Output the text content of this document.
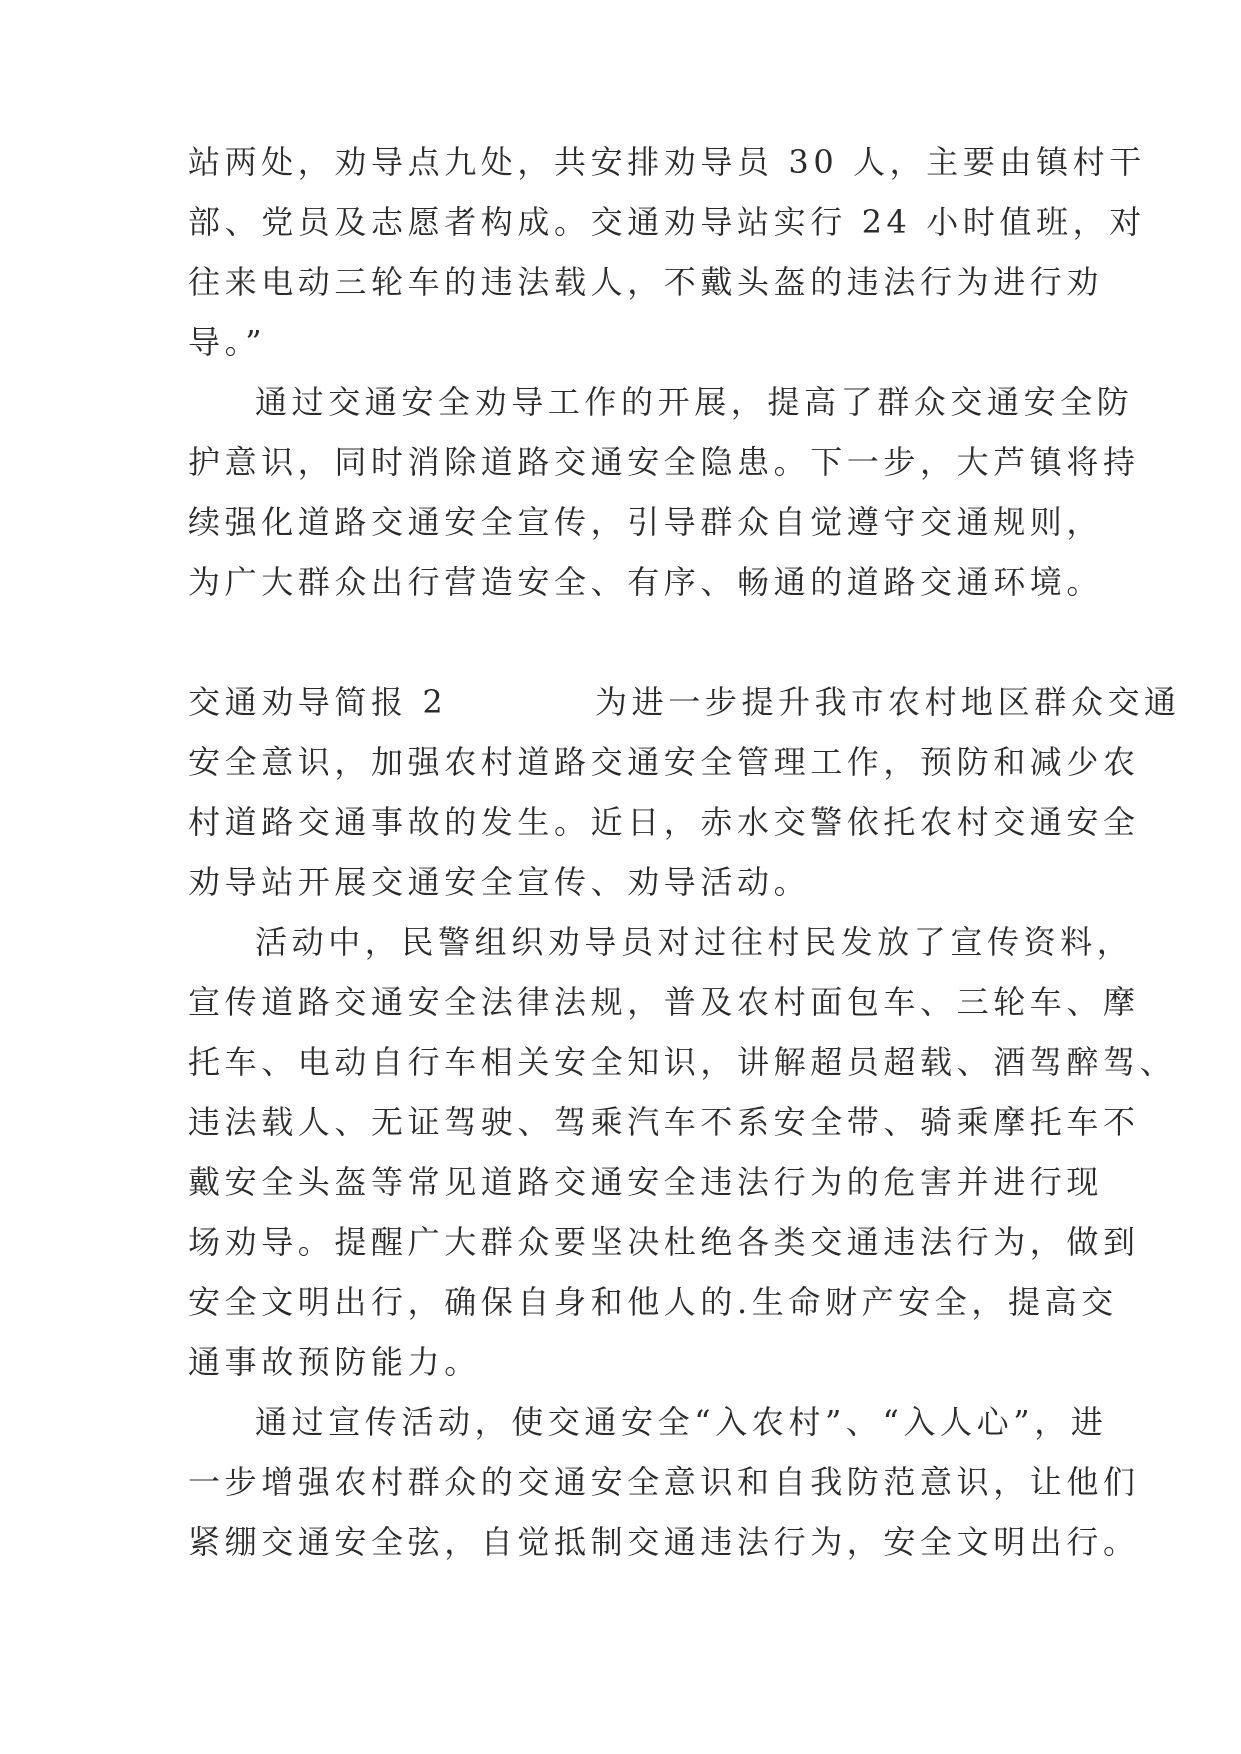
站两处，劝导点九处，共安排劝导员 30 人，主要由镇村干
部、党员及志愿者构成。交通劝导站实行 24 小时值班，对
往来电动三轮车的违法载人，不戴头盔的违法行为进行劝
导。”
通过交通安全劝导工作的开展，提高了群众交通安全防
护意识，同时消除道路交通安全隐患。下一步，大芦镇将持
续强化道路交通安全宣传，引导群众自觉遵守交通规则，
为广大群众出行营造安全、有序、畅通的道路交通环境。
交通劝导简报 2          为进一步提升我市农村地区群众交通
安全意识，加强农村道路交通安全管理工作，预防和减少农
村道路交通事故的发生。近日，赤水交警依托农村交通安全
劝导站开展交通安全宣传、劝导活动。
活动中，民警组织劝导员对过往村民发放了宣传资料，
宣传道路交通安全法律法规，普及农村面包车、三轮车、摩
托车、电动自行车相关安全知识，讲解超员超载、酒驾醉驾、
违法载人、无证驾驶、驾乘汽车不系安全带、骑乘摩托车不
戴安全头盔等常见道路交通安全违法行为的危害并进行现
场劝导。提醒广大群众要坚决杜绝各类交通违法行为，做到
安全文明出行，确保自身和他人的.生命财产安全，提高交
通事故预防能力。
通过宣传活动，使交通安全“入农村”、“入人心”，进
一步增强农村群众的交通安全意识和自我防范意识，让他们
紧绷交通安全弦，自觉抵制交通违法行为，安全文明出行。
